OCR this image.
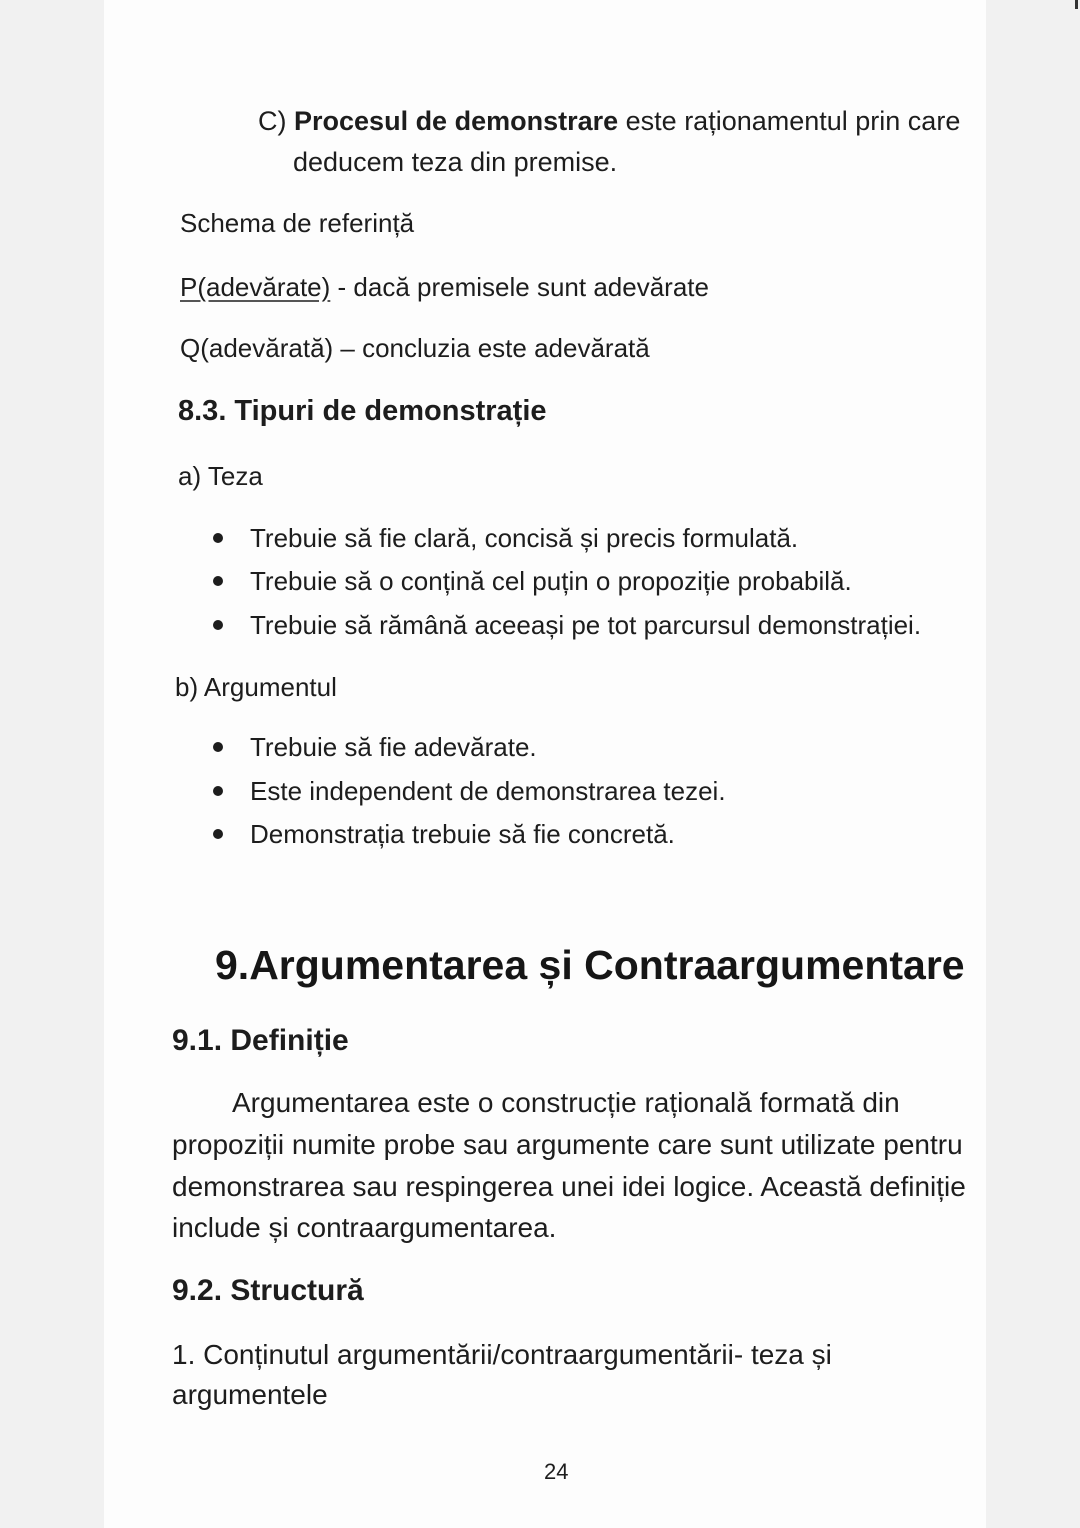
C) Procesul de demonstrare este raționamentul prin care
deducem teza din premise.
Schema de referință
P(adevărate) - dacă premisele sunt adevărate
Q(adevărată) – concluzia este adevărată
8.3. Tipuri de demonstrație
a) Teza
Trebuie să fie clară, concisă și precis formulată.
Trebuie să o conțină cel puțin o propoziție probabilă.
Trebuie să rămână aceeași pe tot parcursul demonstrației.
b) Argumentul
Trebuie să fie adevărate.
Este independent de demonstrarea tezei.
Demonstrația trebuie să fie concretă.
9.Argumentarea și Contraargumentare
9.1. Definiție
Argumentarea este o construcție rațională formată din
propoziții numite probe sau argumente care sunt utilizate pentru
demonstrarea sau respingerea unei idei logice. Această definiție
include și contraargumentarea.
9.2. Structură
1. Conținutul argumentării/contraargumentării- teza și
argumentele
24
